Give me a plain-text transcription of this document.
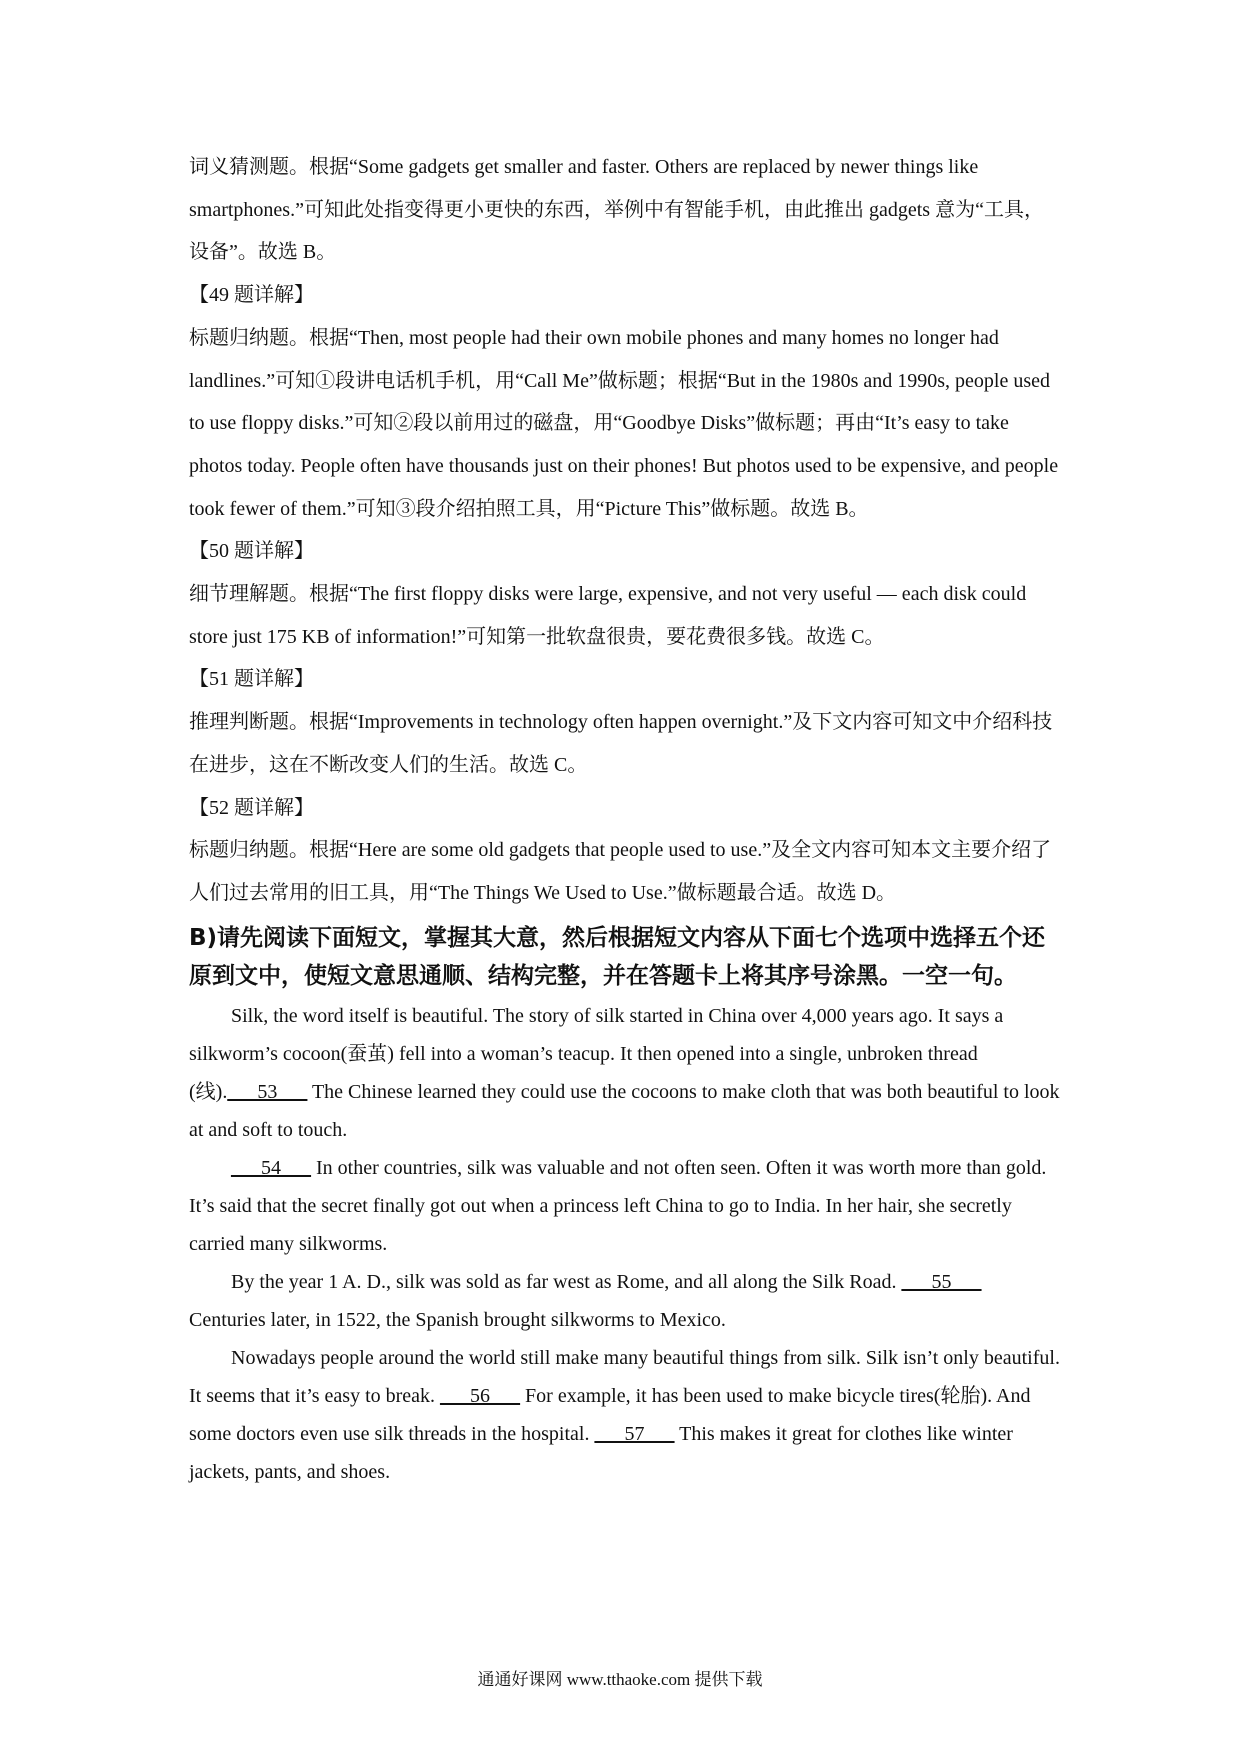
词义猜测题。根据“Some gadgets get smaller and faster. Others are replaced by newer things like smartphones.”可知此处指变得更小更快的东西，举例中有智能手机，由此推出 gadgets 意为“工具，设备”。故选 B。

【49 题详解】

标题归纳题。根据“Then, most people had their own mobile phones and many homes no longer had landlines.”可知①段讲电话机手机，用“Call Me”做标题；根据“But in the 1980s and 1990s, people used to use floppy disks.”可知②段以前用过的磁盘，用“Goodbye Disks”做标题；再由“It’s easy to take photos today. People often have thousands just on their phones! But photos used to be expensive, and people took fewer of them.”可知③段介绍拍照工具，用“Picture This”做标题。故选 B。

【50 题详解】

细节理解题。根据“The first floppy disks were large, expensive, and not very useful — each disk could store just 175 KB of information!”可知第一批软盘很贵，要花费很多钱。故选 C。

【51 题详解】

推理判断题。根据“Improvements in technology often happen overnight.”及下文内容可知文中介绍科技在进步，这在不断改变人们的生活。故选 C。

【52 题详解】

标题归纳题。根据“Here are some old gadgets that people used to use.”及全文内容可知本文主要介绍了人们过去常用的旧工具，用“The Things We Used to Use.”做标题最合适。故选 D。

B)请先阅读下面短文，掌握其大意，然后根据短文内容从下面七个选项中选择五个还原到文中，使短文意思通顺、结构完整，并在答题卡上将其序号涂黑。一空一句。

Silk, the word itself is beautiful. The story of silk started in China over 4,000 years ago. It says a silkworm’s cocoon(蚕茧) fell into a woman’s teacup. It then opened into a single, unbroken thread (线).___53___ The Chinese learned they could use the cocoons to make cloth that was both beautiful to look at and soft to touch.

___54___ In other countries, silk was valuable and not often seen. Often it was worth more than gold. It’s said that the secret finally got out when a princess left China to go to India. In her hair, she secretly carried many silkworms.

By the year 1 A. D., silk was sold as far west as Rome, and all along the Silk Road. ___55___ Centuries later, in 1522, the Spanish brought silkworms to Mexico.

Nowadays people around the world still make many beautiful things from silk. Silk isn’t only beautiful. It seems that it’s easy to break. ___56___ For example, it has been used to make bicycle tires(轮胎). And some doctors even use silk threads in the hospital. ___57___ This makes it great for clothes like winter jackets, pants, and shoes.

通通好课网 www.tthaoke.com 提供下载
